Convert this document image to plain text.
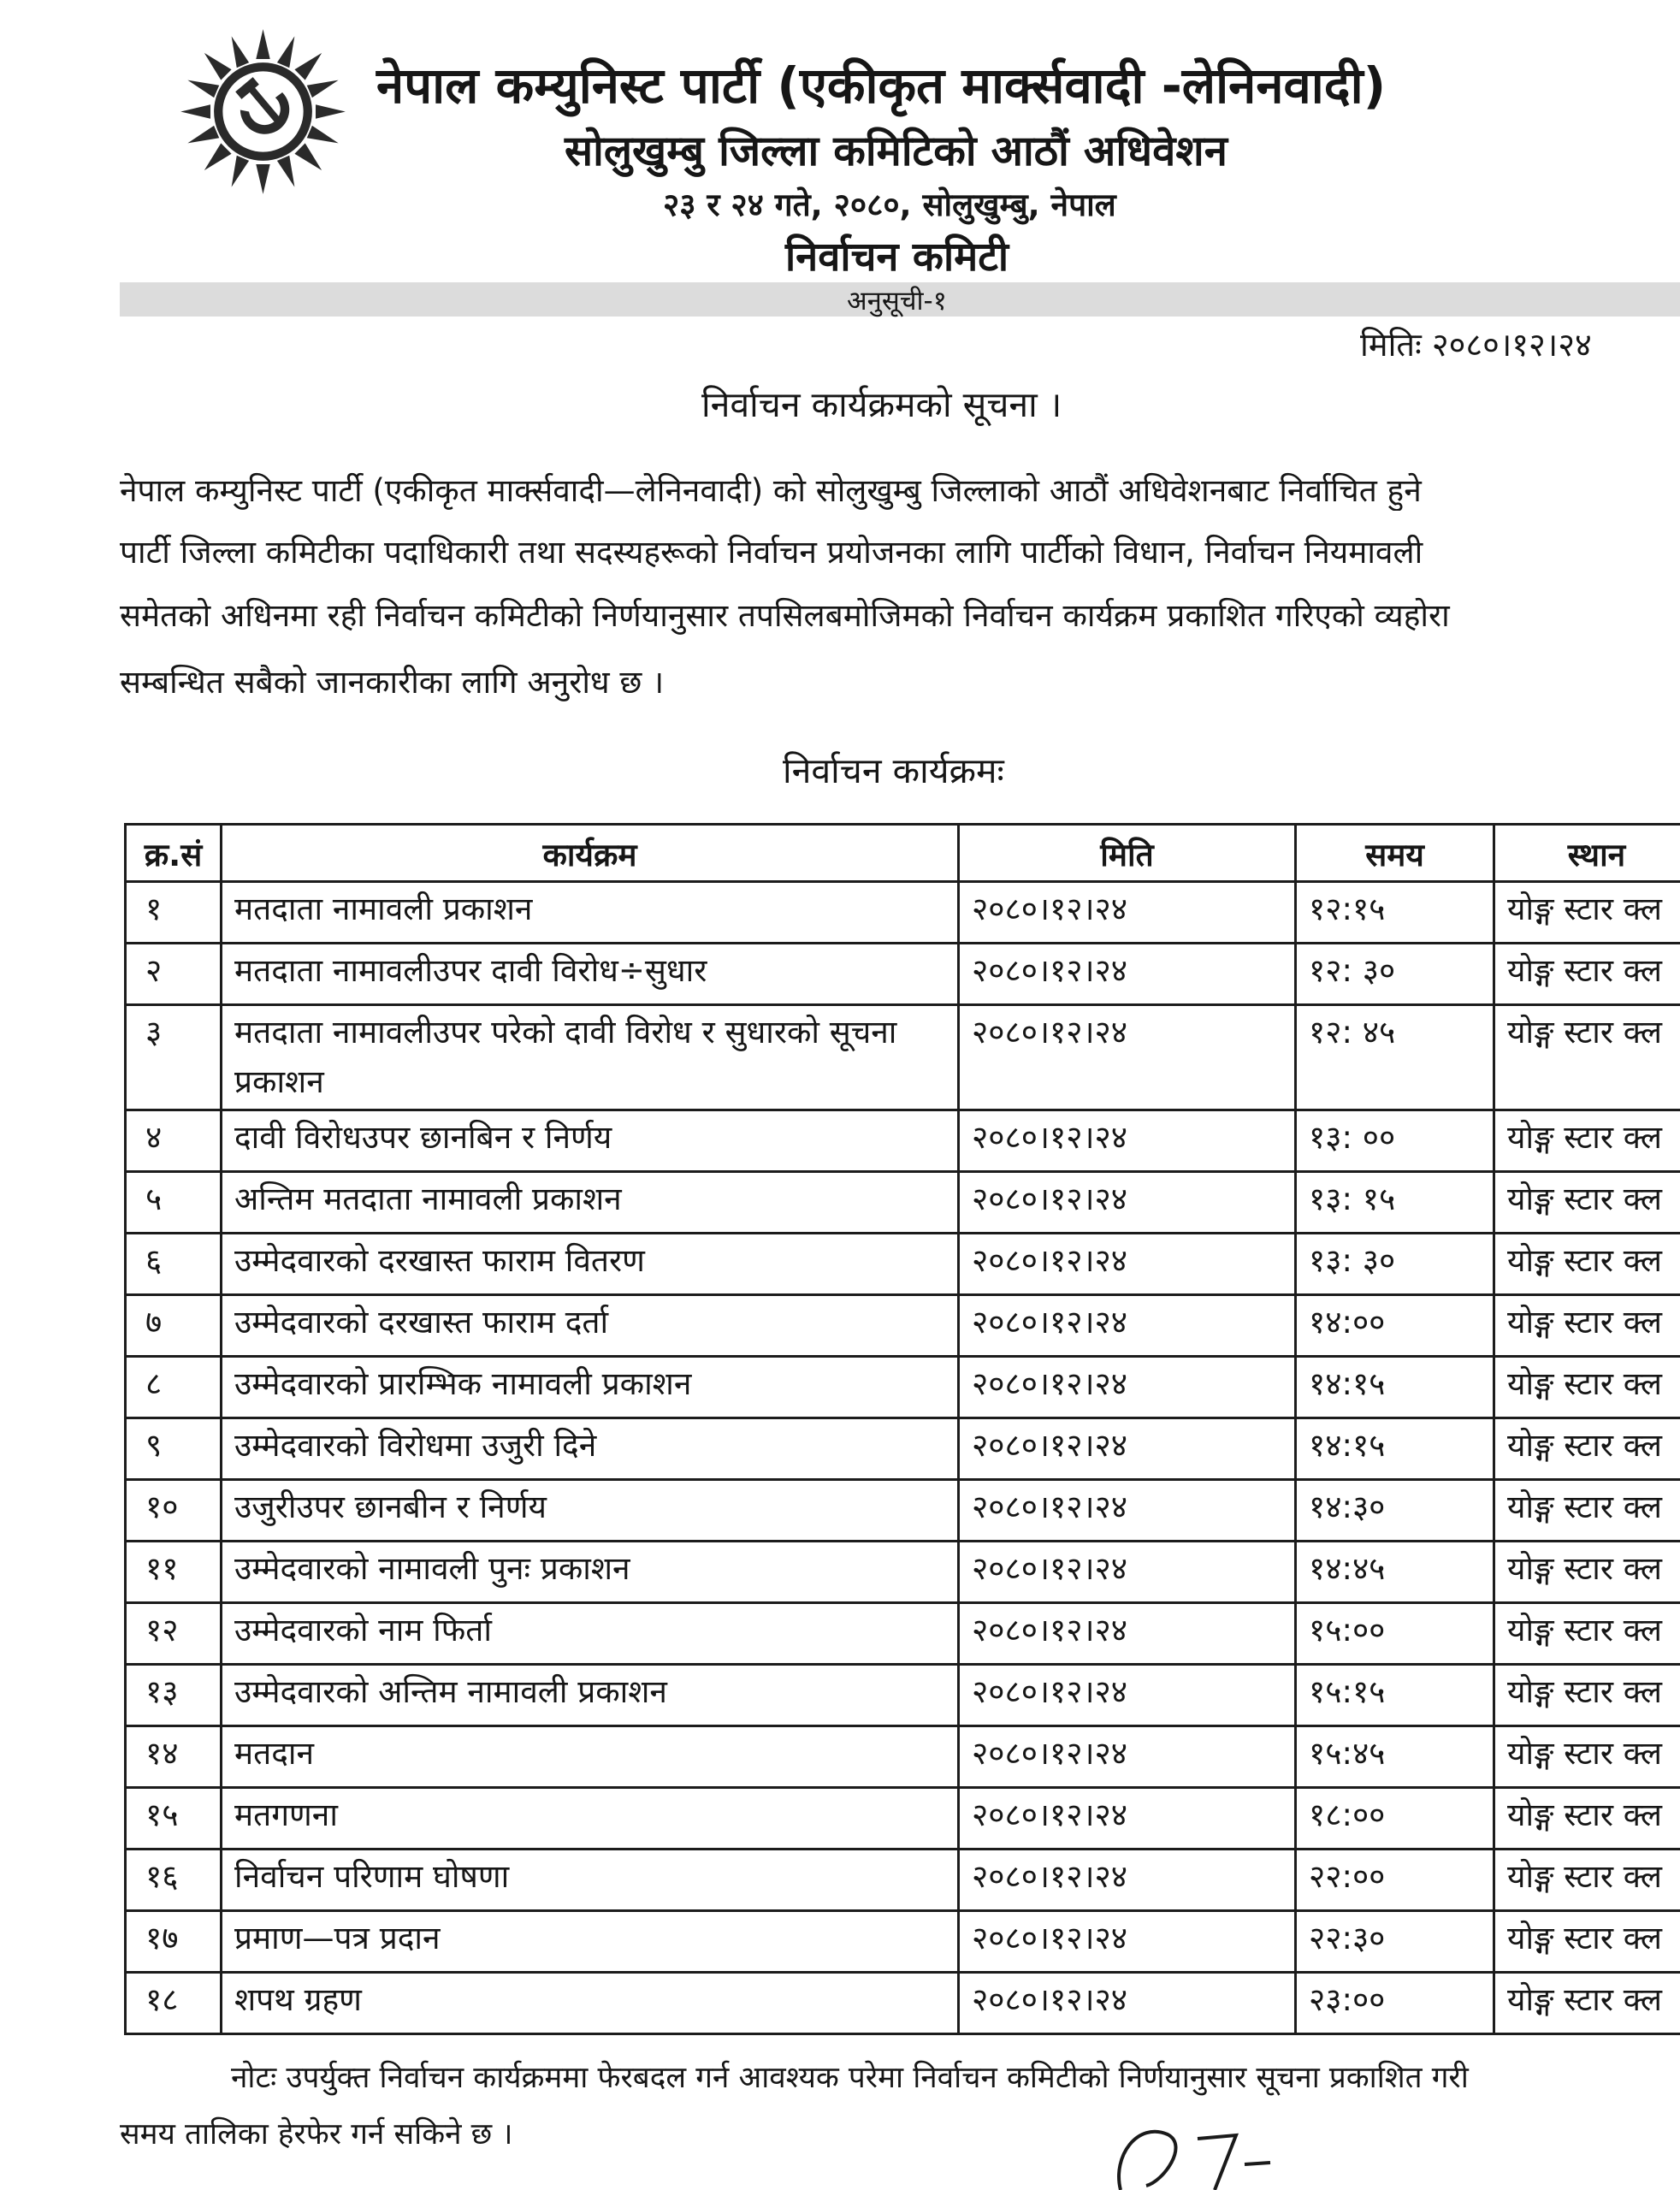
नेपाल कम्युनिस्ट पार्टी (एकीकृत मार्क्सवादी -लेनिनवादी)
सोलुखुम्बु जिल्ला कमिटिको आठौं अधिवेशन
२३ र २४ गते, २०८०, सोलुखुम्बु, नेपाल
निर्वाचन कमिटी
अनुसूची-१
मितिः २०८०।१२।२४
निर्वाचन कार्यक्रमको सूचना ।
नेपाल कम्युनिस्ट पार्टी (एकीकृत मार्क्सवादी—लेनिनवादी) को सोलुखुम्बु जिल्लाको आठौं अधिवेशनबाट निर्वाचित हुने
पार्टी जिल्ला कमिटीका पदाधिकारी तथा सदस्यहरूको निर्वाचन प्रयोजनका लागि पार्टीको विधान, निर्वाचन नियमावली
समेतको अधिनमा रही निर्वाचन कमिटीको निर्णयानुसार तपसिलबमोजिमको निर्वाचन कार्यक्रम प्रकाशित गरिएको व्यहोरा
सम्बन्धित सबैको जानकारीका लागि अनुरोध छ ।
निर्वाचन कार्यक्रमः
क्र.सं	कार्यक्रम	मिति	समय	स्थान
१	मतदाता नामावली प्रकाशन	२०८०।१२।२४	१२:१५	योङ्ग स्टार क्ल
२	मतदाता नामावलीउपर दावी विरोध÷सुधार	२०८०।१२।२४	१२: ३०	योङ्ग स्टार क्ल
३	मतदाता नामावलीउपर परेको दावी विरोध र सुधारको सूचना प्रकाशन	२०८०।१२।२४	१२: ४५	योङ्ग स्टार क्ल
४	दावी विरोधउपर छानबिन र निर्णय	२०८०।१२।२४	१३: ००	योङ्ग स्टार क्ल
५	अन्तिम मतदाता नामावली प्रकाशन	२०८०।१२।२४	१३: १५	योङ्ग स्टार क्ल
६	उम्मेदवारको दरखास्त फाराम वितरण	२०८०।१२।२४	१३: ३०	योङ्ग स्टार क्ल
७	उम्मेदवारको दरखास्त फाराम दर्ता	२०८०।१२।२४	१४:००	योङ्ग स्टार क्ल
८	उम्मेदवारको प्रारम्भिक नामावली प्रकाशन	२०८०।१२।२४	१४:१५	योङ्ग स्टार क्ल
९	उम्मेदवारको विरोधमा उजुरी दिने	२०८०।१२।२४	१४:१५	योङ्ग स्टार क्ल
१०	उजुरीउपर छानबीन र निर्णय	२०८०।१२।२४	१४:३०	योङ्ग स्टार क्ल
११	उम्मेदवारको नामावली पुनः प्रकाशन	२०८०।१२।२४	१४:४५	योङ्ग स्टार क्ल
१२	उम्मेदवारको नाम फिर्ता	२०८०।१२।२४	१५:००	योङ्ग स्टार क्ल
१३	उम्मेदवारको अन्तिम नामावली प्रकाशन	२०८०।१२।२४	१५:१५	योङ्ग स्टार क्ल
१४	मतदान	२०८०।१२।२४	१५:४५	योङ्ग स्टार क्ल
१५	मतगणना	२०८०।१२।२४	१८:००	योङ्ग स्टार क्ल
१६	निर्वाचन परिणाम घोषणा	२०८०।१२।२४	२२:००	योङ्ग स्टार क्ल
१७	प्रमाण—पत्र प्रदान	२०८०।१२।२४	२२:३०	योङ्ग स्टार क्ल
१८	शपथ ग्रहण	२०८०।१२।२४	२३:००	योङ्ग स्टार क्ल
नोटः उपर्युक्त निर्वाचन कार्यक्रममा फेरबदल गर्न आवश्यक परेमा निर्वाचन कमिटीको निर्णयानुसार सूचना प्रकाशित गरी
समय तालिका हेरफेर गर्न सकिने छ ।
